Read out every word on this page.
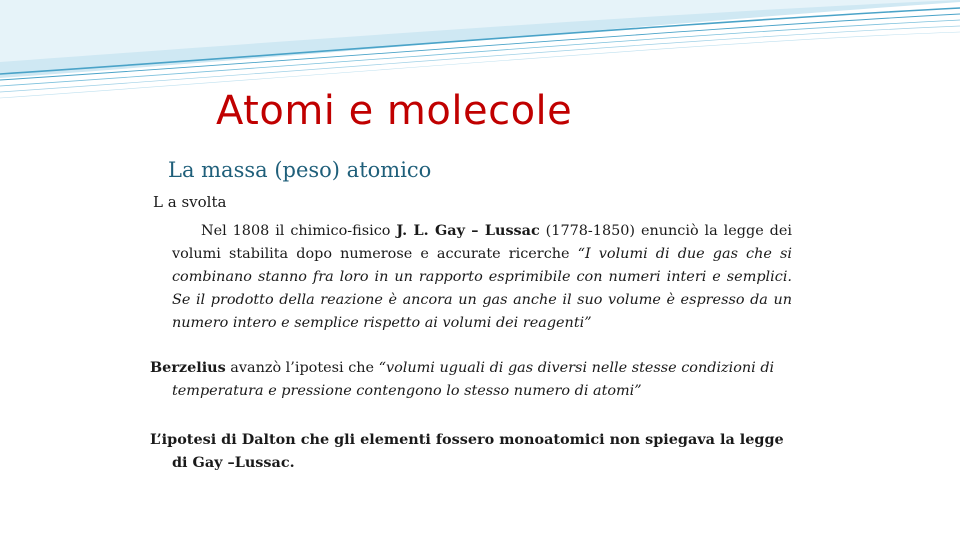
Atomi e molecole
La massa (peso) atomico
L a svolta
Nel 1808 il chimico-fisico J. L. Gay – Lussac (1778-1850) enunciò la legge dei volumi stabilita dopo numerose e accurate ricerche “I volumi di due gas che si combinano stanno fra loro in un rapporto esprimibile con numeri interi e semplici. Se il prodotto della reazione è ancora un gas anche il suo volume è espresso da un numero intero e semplice rispetto ai volumi dei reagenti”
Berzelius avanzò l’ipotesi che “volumi uguali di gas diversi nelle stesse condizioni di temperatura e pressione contengono lo stesso numero di atomi”
L’ipotesi di Dalton che gli elementi fossero monoatomici non spiegava la legge di Gay –Lussac.
